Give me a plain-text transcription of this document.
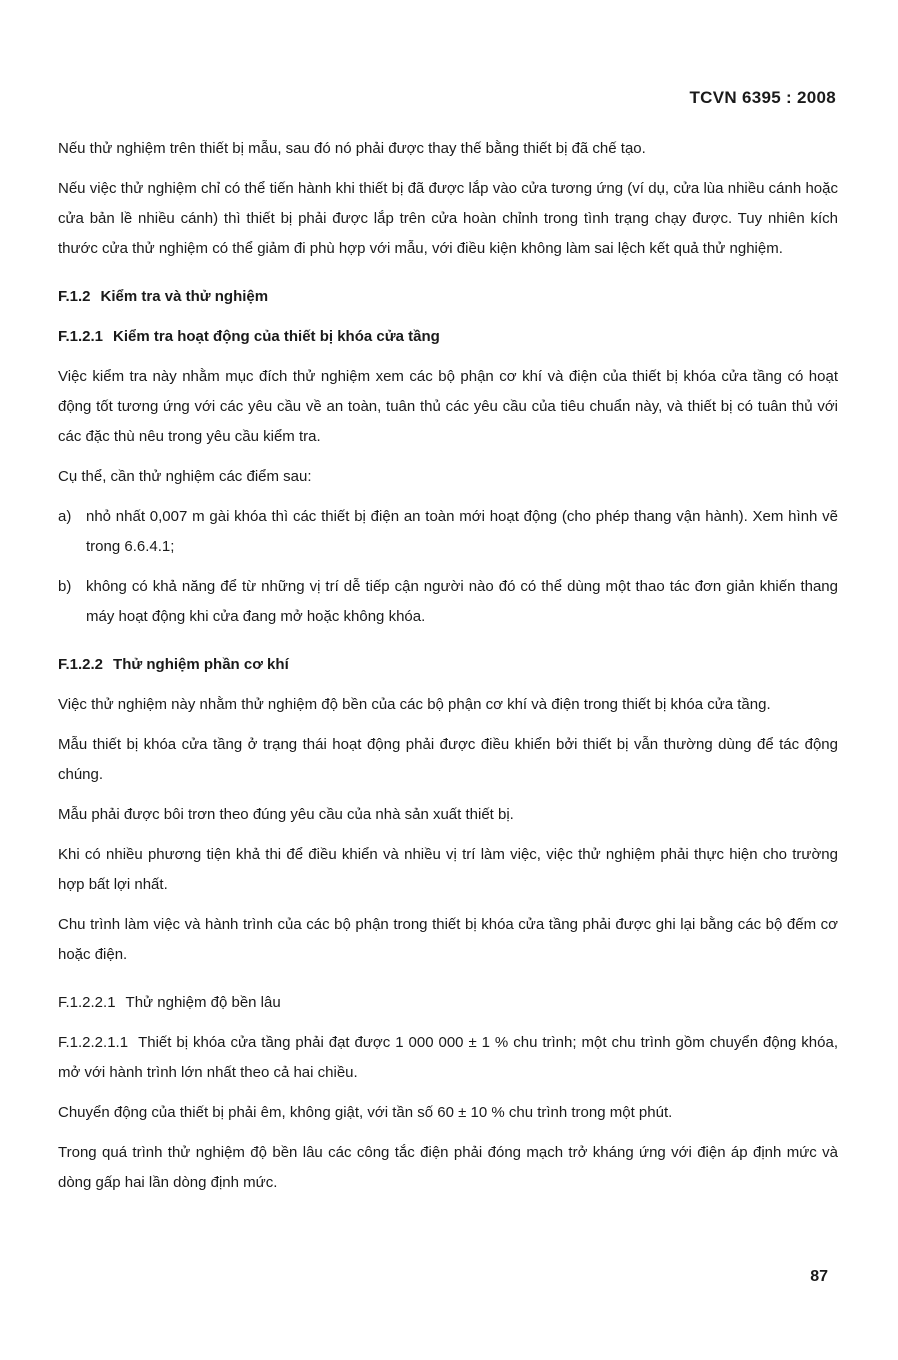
TCVN 6395 : 2008

Nếu thử nghiệm trên thiết bị mẫu, sau đó nó phải được thay thế bằng thiết bị đã chế tạo.

Nếu việc thử nghiệm chỉ có thể tiến hành khi thiết bị đã được lắp vào cửa tương ứng (ví dụ, cửa lùa nhiều cánh hoặc cửa bản lề nhiều cánh) thì thiết bị phải được lắp trên cửa hoàn chỉnh trong tình trạng chạy được. Tuy nhiên kích thước cửa thử nghiệm có thể giảm đi phù hợp với mẫu, với điều kiện không làm sai lệch kết quả thử nghiệm.

F.1.2 Kiểm tra và thử nghiệm
F.1.2.1 Kiểm tra hoạt động của thiết bị khóa cửa tầng

Việc kiểm tra này nhằm mục đích thử nghiệm xem các bộ phận cơ khí và điện của thiết bị khóa cửa tầng có hoạt động tốt tương ứng với các yêu cầu về an toàn, tuân thủ các yêu cầu của tiêu chuẩn này, và thiết bị có tuân thủ với các đặc thù nêu trong yêu cầu kiểm tra.

Cụ thể, cần thử nghiệm các điểm sau:

a) nhỏ nhất 0,007 m gài khóa thì các thiết bị điện an toàn mới hoạt động (cho phép thang vận hành). Xem hình vẽ trong 6.6.4.1;
b) không có khả năng để từ những vị trí dễ tiếp cận người nào đó có thể dùng một thao tác đơn giản khiến thang máy hoạt động khi cửa đang mở hoặc không khóa.
F.1.2.2 Thử nghiệm phần cơ khí

Việc thử nghiệm này nhằm thử nghiệm độ bền của các bộ phận cơ khí và điện trong thiết bị khóa cửa tầng.

Mẫu thiết bị khóa cửa tầng ở trạng thái hoạt động phải được điều khiển bởi thiết bị vẫn thường dùng để tác động chúng.

Mẫu phải được bôi trơn theo đúng yêu cầu của nhà sản xuất thiết bị.

Khi có nhiều phương tiện khả thi để điều khiển và nhiều vị trí làm việc, việc thử nghiệm phải thực hiện cho trường hợp bất lợi nhất.

Chu trình làm việc và hành trình của các bộ phận trong thiết bị khóa cửa tầng phải được ghi lại bằng các bộ đếm cơ hoặc điện.

F.1.2.2.1 Thử nghiệm độ bền lâu

F.1.2.2.1.1 Thiết bị khóa cửa tầng phải đạt được 1 000 000 ± 1 % chu trình; một chu trình gồm chuyển động khóa, mở với hành trình lớn nhất theo cả hai chiều.

Chuyển động của thiết bị phải êm, không giật, với tần số 60 ± 10 % chu trình trong một phút.

Trong quá trình thử nghiệm độ bền lâu các công tắc điện phải đóng mạch trở kháng ứng với điện áp định mức và dòng gấp hai lần dòng định mức.

87
